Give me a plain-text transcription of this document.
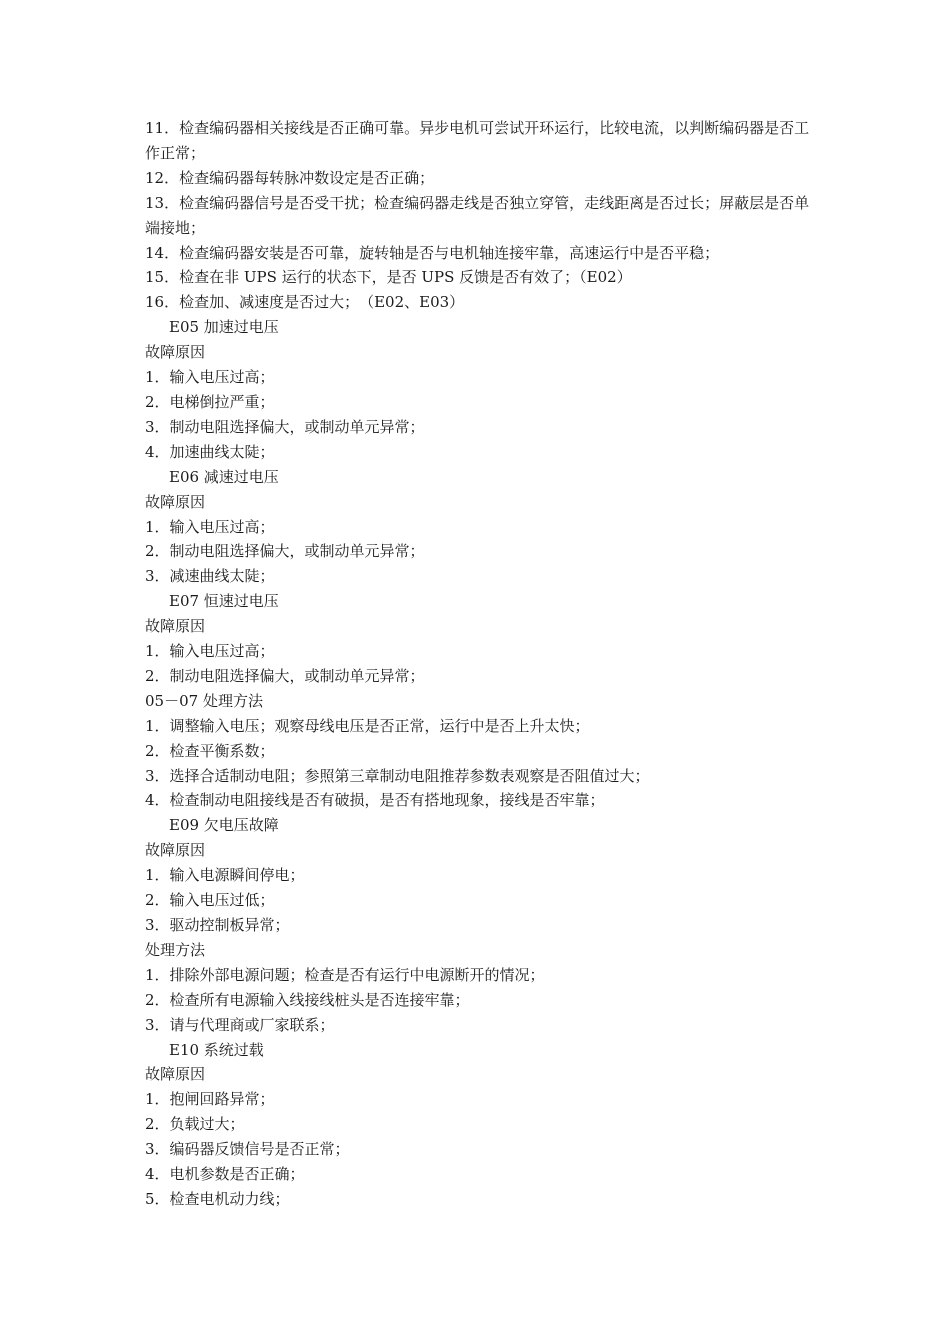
11．检查编码器相关接线是否正确可靠。异步电机可尝试开环运行，比较电流，以判断编码器是否工作正常；

12．检查编码器每转脉冲数设定是否正确；

13．检查编码器信号是否受干扰；检查编码器走线是否独立穿管，走线距离是否过长；屏蔽层是否单端接地；

14．检查编码器安装是否可靠，旋转轴是否与电机轴连接牢靠，高速运行中是否平稳；

15．检查在非 UPS 运行的状态下，是否 UPS 反馈是否有效了；（E02）

16．检查加、减速度是否过大；　（E02、E03）

E05 加速过电压

故障原因

1．输入电压过高；

2．电梯倒拉严重；

3．制动电阻选择偏大，或制动单元异常；

4．加速曲线太陡；

E06 减速过电压

故障原因

1．输入电压过高；

2．制动电阻选择偏大，或制动单元异常；

3．减速曲线太陡；

E07 恒速过电压

故障原因

1．输入电压过高；

2．制动电阻选择偏大，或制动单元异常；

05－07 处理方法

1．调整输入电压；观察母线电压是否正常，运行中是否上升太快；

2．检查平衡系数；

3．选择合适制动电阻；参照第三章制动电阻推荐参数表观察是否阻值过大；

4．检查制动电阻接线是否有破损，是否有搭地现象，接线是否牢靠；

E09 欠电压故障

故障原因

1．输入电源瞬间停电；

2．输入电压过低；

3．驱动控制板异常；

处理方法

1．排除外部电源问题；检查是否有运行中电源断开的情况；

2．检查所有电源输入线接线桩头是否连接牢靠；

3．请与代理商或厂家联系；

E10 系统过载

故障原因

1．抱闸回路异常；

2．负载过大；

3．编码器反馈信号是否正常；

4．电机参数是否正确；

5．检查电机动力线；
